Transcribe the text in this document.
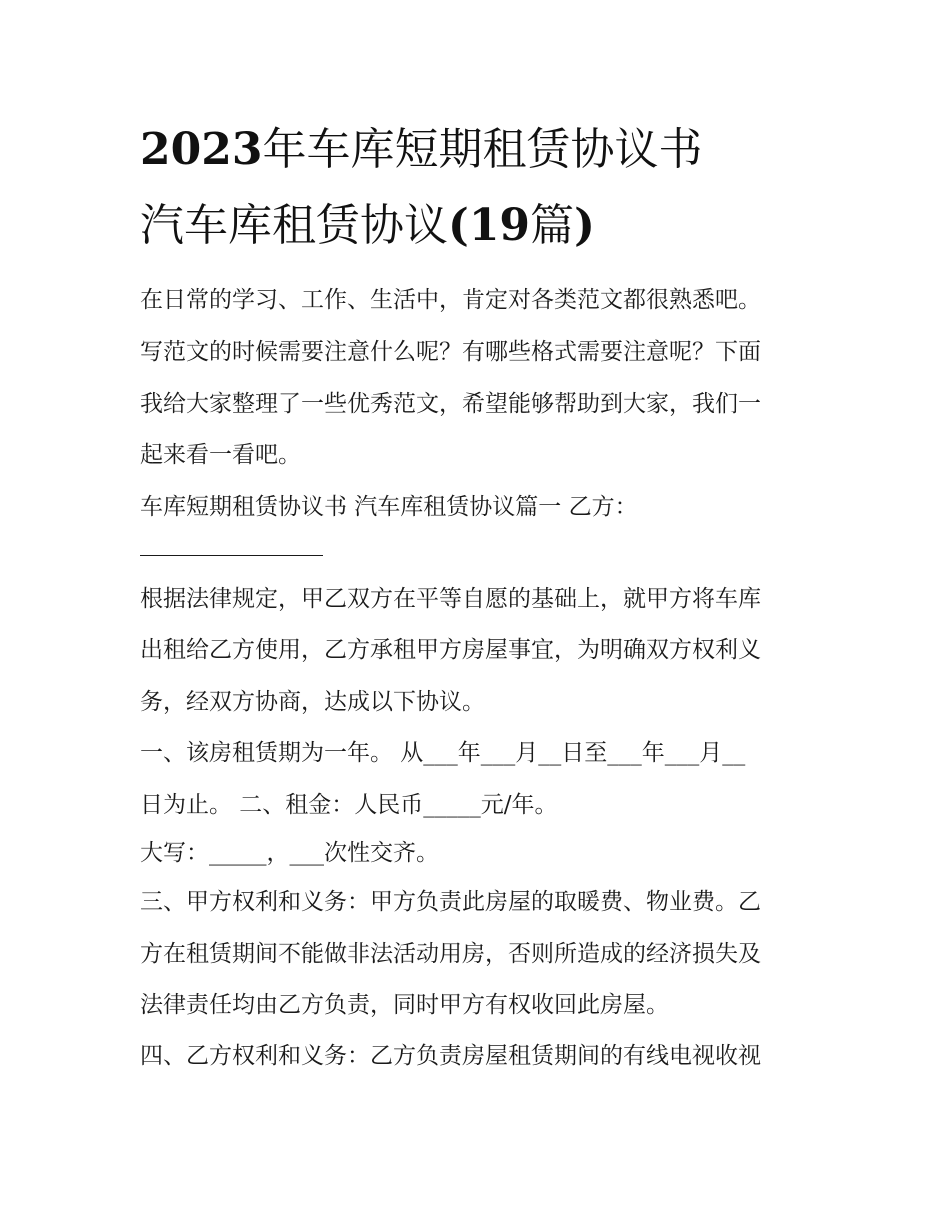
2023年车库短期租赁协议书
汽车库租赁协议(19篇)
在日常的学习、工作、生活中，肯定对各类范文都很熟悉吧。
写范文的时候需要注意什么呢？有哪些格式需要注意呢？下面
我给大家整理了一些优秀范文，希望能够帮助到大家，我们一
起来看一看吧。
车库短期租赁协议书 汽车库租赁协议篇一 乙方：
根据法律规定，甲乙双方在平等自愿的基础上，就甲方将车库
出租给乙方使用，乙方承租甲方房屋事宜，为明确双方权利义
务，经双方协商，达成以下协议。
一、该房租赁期为一年。 从___年___月__日至___年___月__
日为止。 二、租金：人民币_____元/年。
大写：_____，___次性交齐。
三、甲方权利和义务：甲方负责此房屋的取暖费、物业费。乙
方在租赁期间不能做非法活动用房，否则所造成的经济损失及
法律责任均由乙方负责，同时甲方有权收回此房屋。
四、乙方权利和义务：乙方负责房屋租赁期间的有线电视收视
